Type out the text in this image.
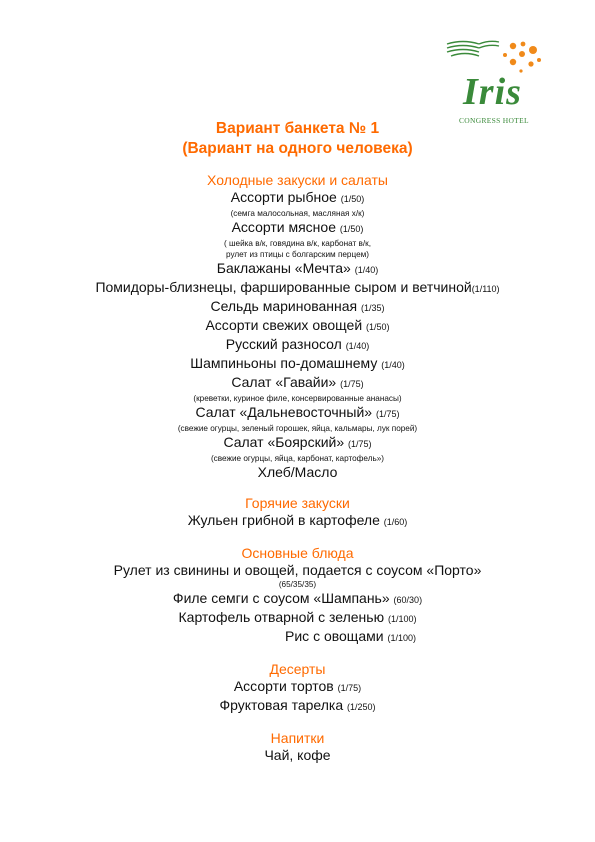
Iris
CONGRESS HOTEL

Вариант банкета № 1

(Вариант на одного человека)

Холодные закуски и салаты

Ассорти рыбное (1/50)

(семга малосольная, масляная х/к)

Ассорти мясное (1/50)

( шейка в/к, говядина в/к, карбонат в/к,

рулет из птицы с болгарским перцем)

Баклажаны «Мечта» (1/40)

Помидоры-близнецы, фаршированные сыром и ветчиной(1/110)

Сельдь маринованная (1/35)

Ассорти свежих овощей (1/50)

Русский разносол (1/40)

Шампиньоны по-домашнему (1/40)

Салат «Гавайи» (1/75)

(креветки, куриное филе, консервированные ананасы)

Салат «Дальневосточный» (1/75)

(свежие огурцы, зеленый горошек, яйца, кальмары, лук порей)

Салат «Боярский» (1/75)

(свежие огурцы, яйца, карбонат, картофель»)

Хлеб/Масло

Горячие закуски

Жульен грибной в картофеле (1/60)

Основные блюда

Рулет из свинины и овощей, подается с соусом «Порто»

(65/35/35)

Филе семги с соусом «Шампань» (60/30)

Картофель отварной с зеленью (1/100)

Рис с овощами (1/100)

Десерты

Ассорти тортов (1/75)

Фруктовая тарелка (1/250)

Напитки

Чай, кофе
